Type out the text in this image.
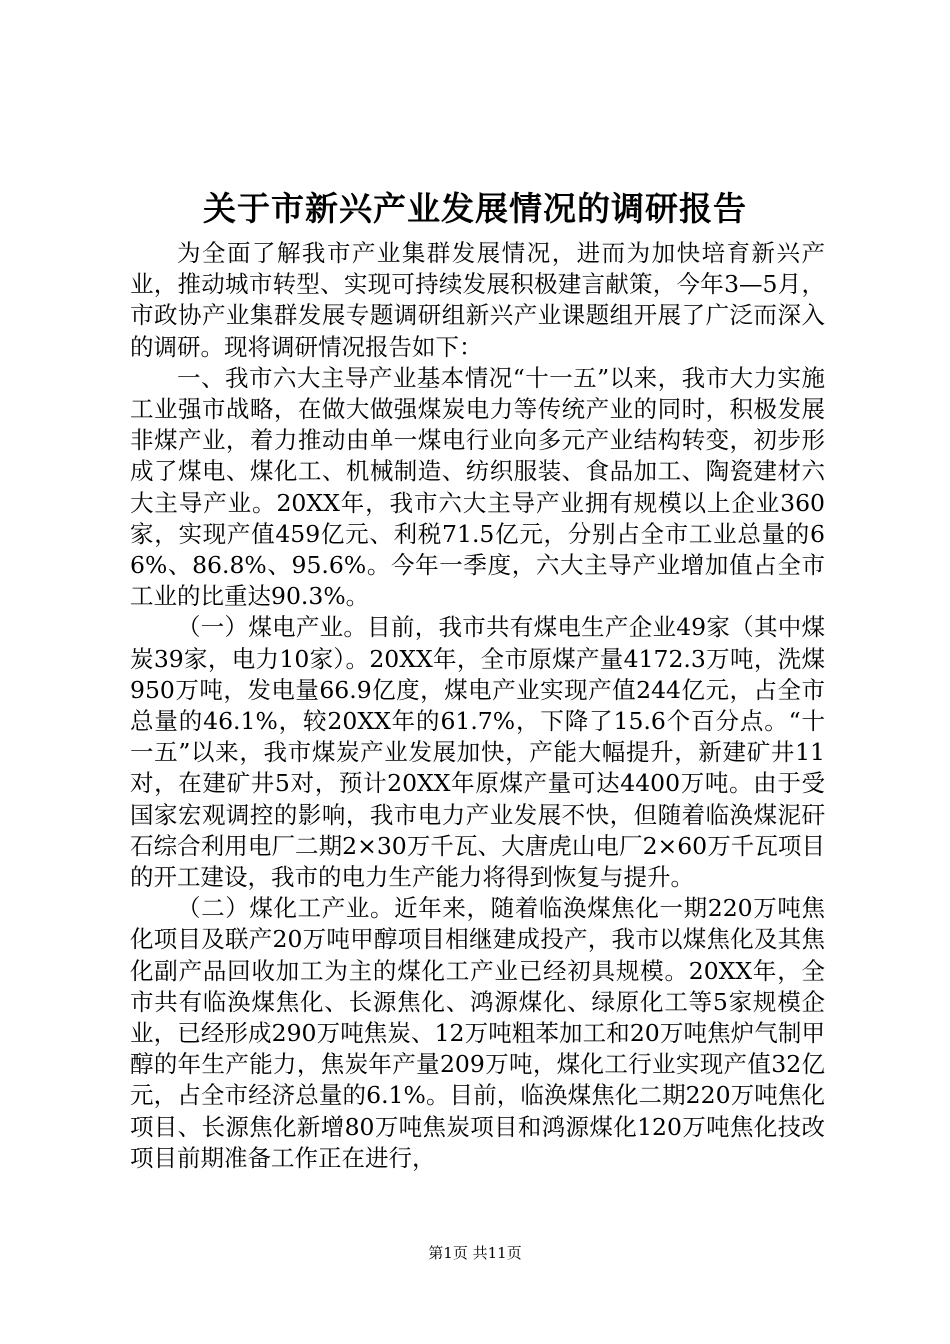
关于市新兴产业发展情况的调研报告

为全面了解我市产业集群发展情况，进而为加快培育新兴产业，推动城市转型、实现可持续发展积极建言献策，今年3—5月，市政协产业集群发展专题调研组新兴产业课题组开展了广泛而深入的调研。现将调研情况报告如下：

一、我市六大主导产业基本情况“十一五”以来，我市大力实施工业强市战略，在做大做强煤炭电力等传统产业的同时，积极发展非煤产业，着力推动由单一煤电行业向多元产业结构转变，初步形成了煤电、煤化工、机械制造、纺织服装、食品加工、陶瓷建材六大主导产业。20XX年，我市六大主导产业拥有规模以上企业360家，实现产值459亿元、利税71.5亿元，分别占全市工业总量的66%、86.8%、95.6%。今年一季度，六大主导产业增加值占全市工业的比重达90.3%。

（一）煤电产业。目前，我市共有煤电生产企业49家（其中煤炭39家，电力10家）。20XX年，全市原煤产量4172.3万吨，洗煤950万吨，发电量66.9亿度，煤电产业实现产值244亿元，占全市总量的46.1%，较20XX年的61.7%，下降了15.6个百分点。“十一五”以来，我市煤炭产业发展加快，产能大幅提升，新建矿井11对，在建矿井5对，预计20XX年原煤产量可达4400万吨。由于受国家宏观调控的影响，我市电力产业发展不快，但随着临涣煤泥矸石综合利用电厂二期2×30万千瓦、大唐虎山电厂2×60万千瓦项目的开工建设，我市的电力生产能力将得到恢复与提升。

（二）煤化工产业。近年来，随着临涣煤焦化一期220万吨焦化项目及联产20万吨甲醇项目相继建成投产，我市以煤焦化及其焦化副产品回收加工为主的煤化工产业已经初具规模。20XX年，全市共有临涣煤焦化、长源焦化、鸿源煤化、绿原化工等5家规模企业，已经形成290万吨焦炭、12万吨粗苯加工和20万吨焦炉气制甲醇的年生产能力，焦炭年产量209万吨，煤化工行业实现产值32亿元，占全市经济总量的6.1%。目前，临涣煤焦化二期220万吨焦化项目、长源焦化新增80万吨焦炭项目和鸿源煤化120万吨焦化技改项目前期准备工作正在进行，

第1页 共11页
